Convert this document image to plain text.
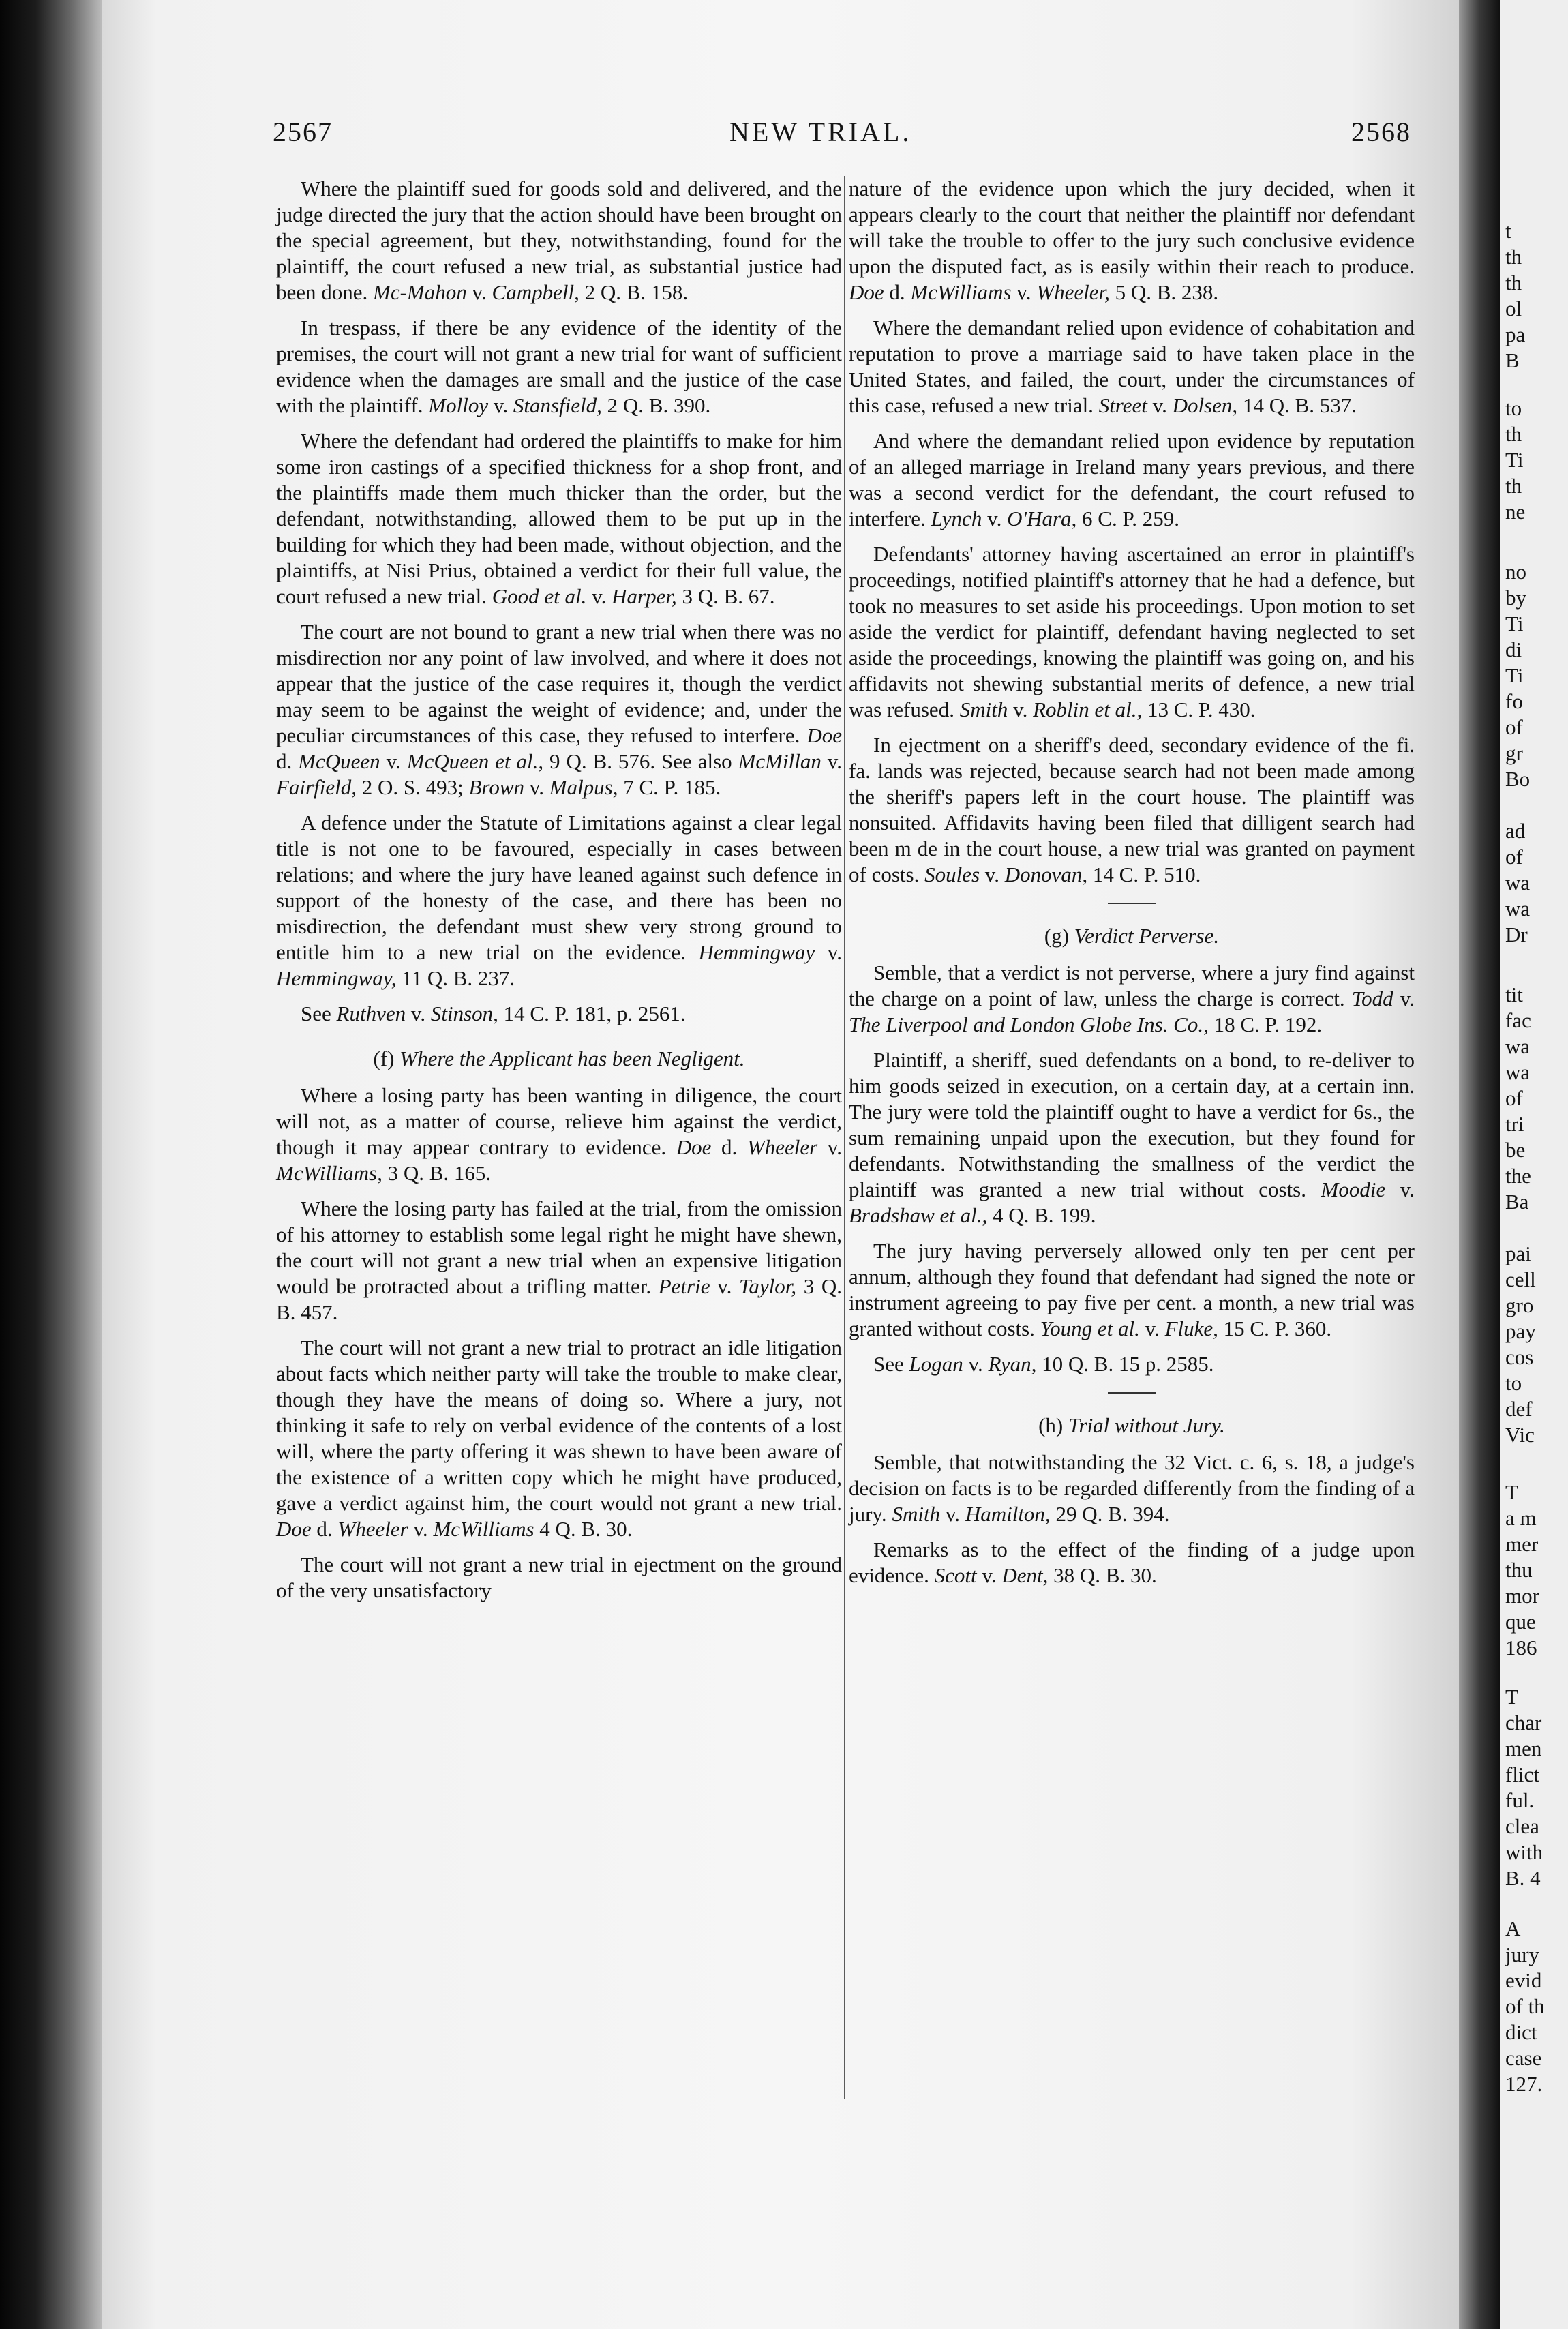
t
th
th
ol
pa
B
to
th
Ti
th
ne
no
by
Ti
di
Ti
fo
of
gr
Bo
ad
of
wa
wa
Dr
tit
fac
wa
wa
of
tri
be
the
Ba
pai
cell
gro
pay
cos
to
def
Vic
T
a m
mer
thu
mor
que
186
T
char
men
flict
ful.
clea
with
B. 4
A
jury
evid
of th
dict
case
127.
2567	NEW TRIAL.	2568

Where the plaintiff sued for goods sold and delivered, and the judge directed the jury that the action should have been brought on the special agreement, but they, notwithstanding, found for the plaintiff, the court refused a new trial, as substantial justice had been done. Mc-Mahon v. Campbell, 2 Q. B. 158.

In trespass, if there be any evidence of the identity of the premises, the court will not grant a new trial for want of sufficient evidence when the damages are small and the justice of the case with the plaintiff. Molloy v. Stansfield, 2 Q. B. 390.

Where the defendant had ordered the plaintiffs to make for him some iron castings of a specified thickness for a shop front, and the plaintiffs made them much thicker than the order, but the defendant, notwithstanding, allowed them to be put up in the building for which they had been made, without objection, and the plaintiffs, at Nisi Prius, obtained a verdict for their full value, the court refused a new trial. Good et al. v. Harper, 3 Q. B. 67.

The court are not bound to grant a new trial when there was no misdirection nor any point of law involved, and where it does not appear that the justice of the case requires it, though the verdict may seem to be against the weight of evidence; and, under the peculiar circumstances of this case, they refused to interfere. Doe d. McQueen v. McQueen et al., 9 Q. B. 576. See also McMillan v. Fairfield, 2 O. S. 493; Brown v. Malpus, 7 C. P. 185.

A defence under the Statute of Limitations against a clear legal title is not one to be favoured, especially in cases between relations; and where the jury have leaned against such defence in support of the honesty of the case, and there has been no misdirection, the defendant must shew very strong ground to entitle him to a new trial on the evidence. Hemmingway v. Hemmingway, 11 Q. B. 237.

See Ruthven v. Stinson, 14 C. P. 181, p. 2561.

(f) Where the Applicant has been Negligent.

Where a losing party has been wanting in diligence, the court will not, as a matter of course, relieve him against the verdict, though it may appear contrary to evidence. Doe d. Wheeler v. McWilliams, 3 Q. B. 165.

Where the losing party has failed at the trial, from the omission of his attorney to establish some legal right he might have shewn, the court will not grant a new trial when an expensive litigation would be protracted about a trifling matter. Petrie v. Taylor, 3 Q. B. 457.

The court will not grant a new trial to protract an idle litigation about facts which neither party will take the trouble to make clear, though they have the means of doing so. Where a jury, not thinking it safe to rely on verbal evidence of the contents of a lost will, where the party offering it was shewn to have been aware of the existence of a written copy which he might have produced, gave a verdict against him, the court would not grant a new trial. Doe d. Wheeler v. McWilliams 4 Q. B. 30.

The court will not grant a new trial in ejectment on the ground of the very unsatisfactory

nature of the evidence upon which the jury decided, when it appears clearly to the court that neither the plaintiff nor defendant will take the trouble to offer to the jury such conclusive evidence upon the disputed fact, as is easily within their reach to produce. Doe d. McWilliams v. Wheeler, 5 Q. B. 238.

Where the demandant relied upon evidence of cohabitation and reputation to prove a marriage said to have taken place in the United States, and failed, the court, under the circumstances of this case, refused a new trial. Street v. Dolsen, 14 Q. B. 537.

And where the demandant relied upon evidence by reputation of an alleged marriage in Ireland many years previous, and there was a second verdict for the defendant, the court refused to interfere. Lynch v. O'Hara, 6 C. P. 259.

Defendants' attorney having ascertained an error in plaintiff's proceedings, notified plaintiff's attorney that he had a defence, but took no measures to set aside his proceedings. Upon motion to set aside the verdict for plaintiff, defendant having neglected to set aside the proceedings, knowing the plaintiff was going on, and his affidavits not shewing substantial merits of defence, a new trial was refused. Smith v. Roblin et al., 13 C. P. 430.

In ejectment on a sheriff's deed, secondary evidence of the fi. fa. lands was rejected, because search had not been made among the sheriff's papers left in the court house. The plaintiff was nonsuited. Affidavits having been filed that dilligent search had been m de in the court house, a new trial was granted on payment of costs. Soules v. Donovan, 14 C. P. 510.

(g) Verdict Perverse.

Semble, that a verdict is not perverse, where a jury find against the charge on a point of law, unless the charge is correct. Todd v. The Liverpool and London Globe Ins. Co., 18 C. P. 192.

Plaintiff, a sheriff, sued defendants on a bond, to re-deliver to him goods seized in execution, on a certain day, at a certain inn. The jury were told the plaintiff ought to have a verdict for 6s., the sum remaining unpaid upon the execution, but they found for defendants. Notwithstanding the smallness of the verdict the plaintiff was granted a new trial without costs. Moodie v. Bradshaw et al., 4 Q. B. 199.

The jury having perversely allowed only ten per cent per annum, although they found that defendant had signed the note or instrument agreeing to pay five per cent. a month, a new trial was granted without costs. Young et al. v. Fluke, 15 C. P. 360.

See Logan v. Ryan, 10 Q. B. 15 p. 2585.

(h) Trial without Jury.

Semble, that notwithstanding the 32 Vict. c. 6, s. 18, a judge's decision on facts is to be regarded differently from the finding of a jury. Smith v. Hamilton, 29 Q. B. 394.

Remarks as to the effect of the finding of a judge upon evidence. Scott v. Dent, 38 Q. B. 30.
